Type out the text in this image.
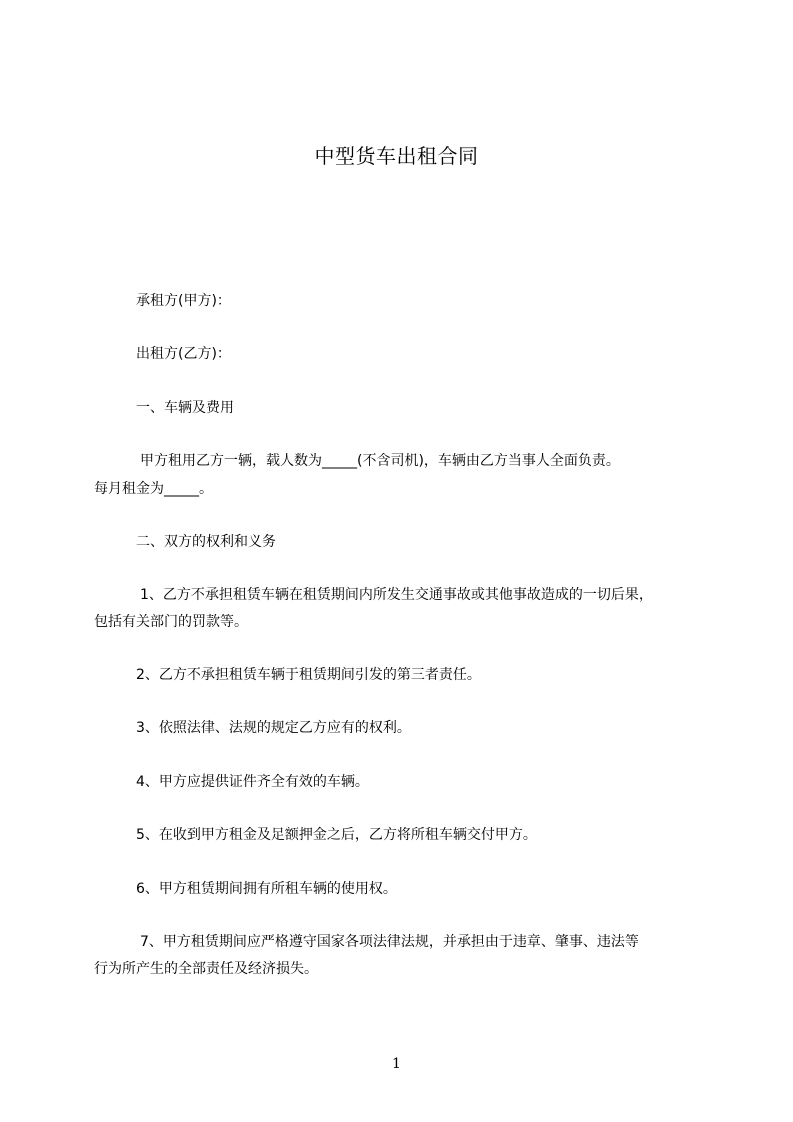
中型货车出租合同
承租方(甲方)：
出租方(乙方)：
一、车辆及费用
甲方租用乙方一辆，载人数为_____(不含司机)，车辆由乙方当事人全面负责。
每月租金为_____。
二、双方的权利和义务
1、乙方不承担租赁车辆在租赁期间内所发生交通事故或其他事故造成的一切后果，
包括有关部门的罚款等。
2、乙方不承担租赁车辆于租赁期间引发的第三者责任。
3、依照法律、法规的规定乙方应有的权利。
4、甲方应提供证件齐全有效的车辆。
5、在收到甲方租金及足额押金之后，乙方将所租车辆交付甲方。
6、甲方租赁期间拥有所租车辆的使用权。
7、甲方租赁期间应严格遵守国家各项法律法规，并承担由于违章、肇事、违法等
行为所产生的全部责任及经济损失。
1
